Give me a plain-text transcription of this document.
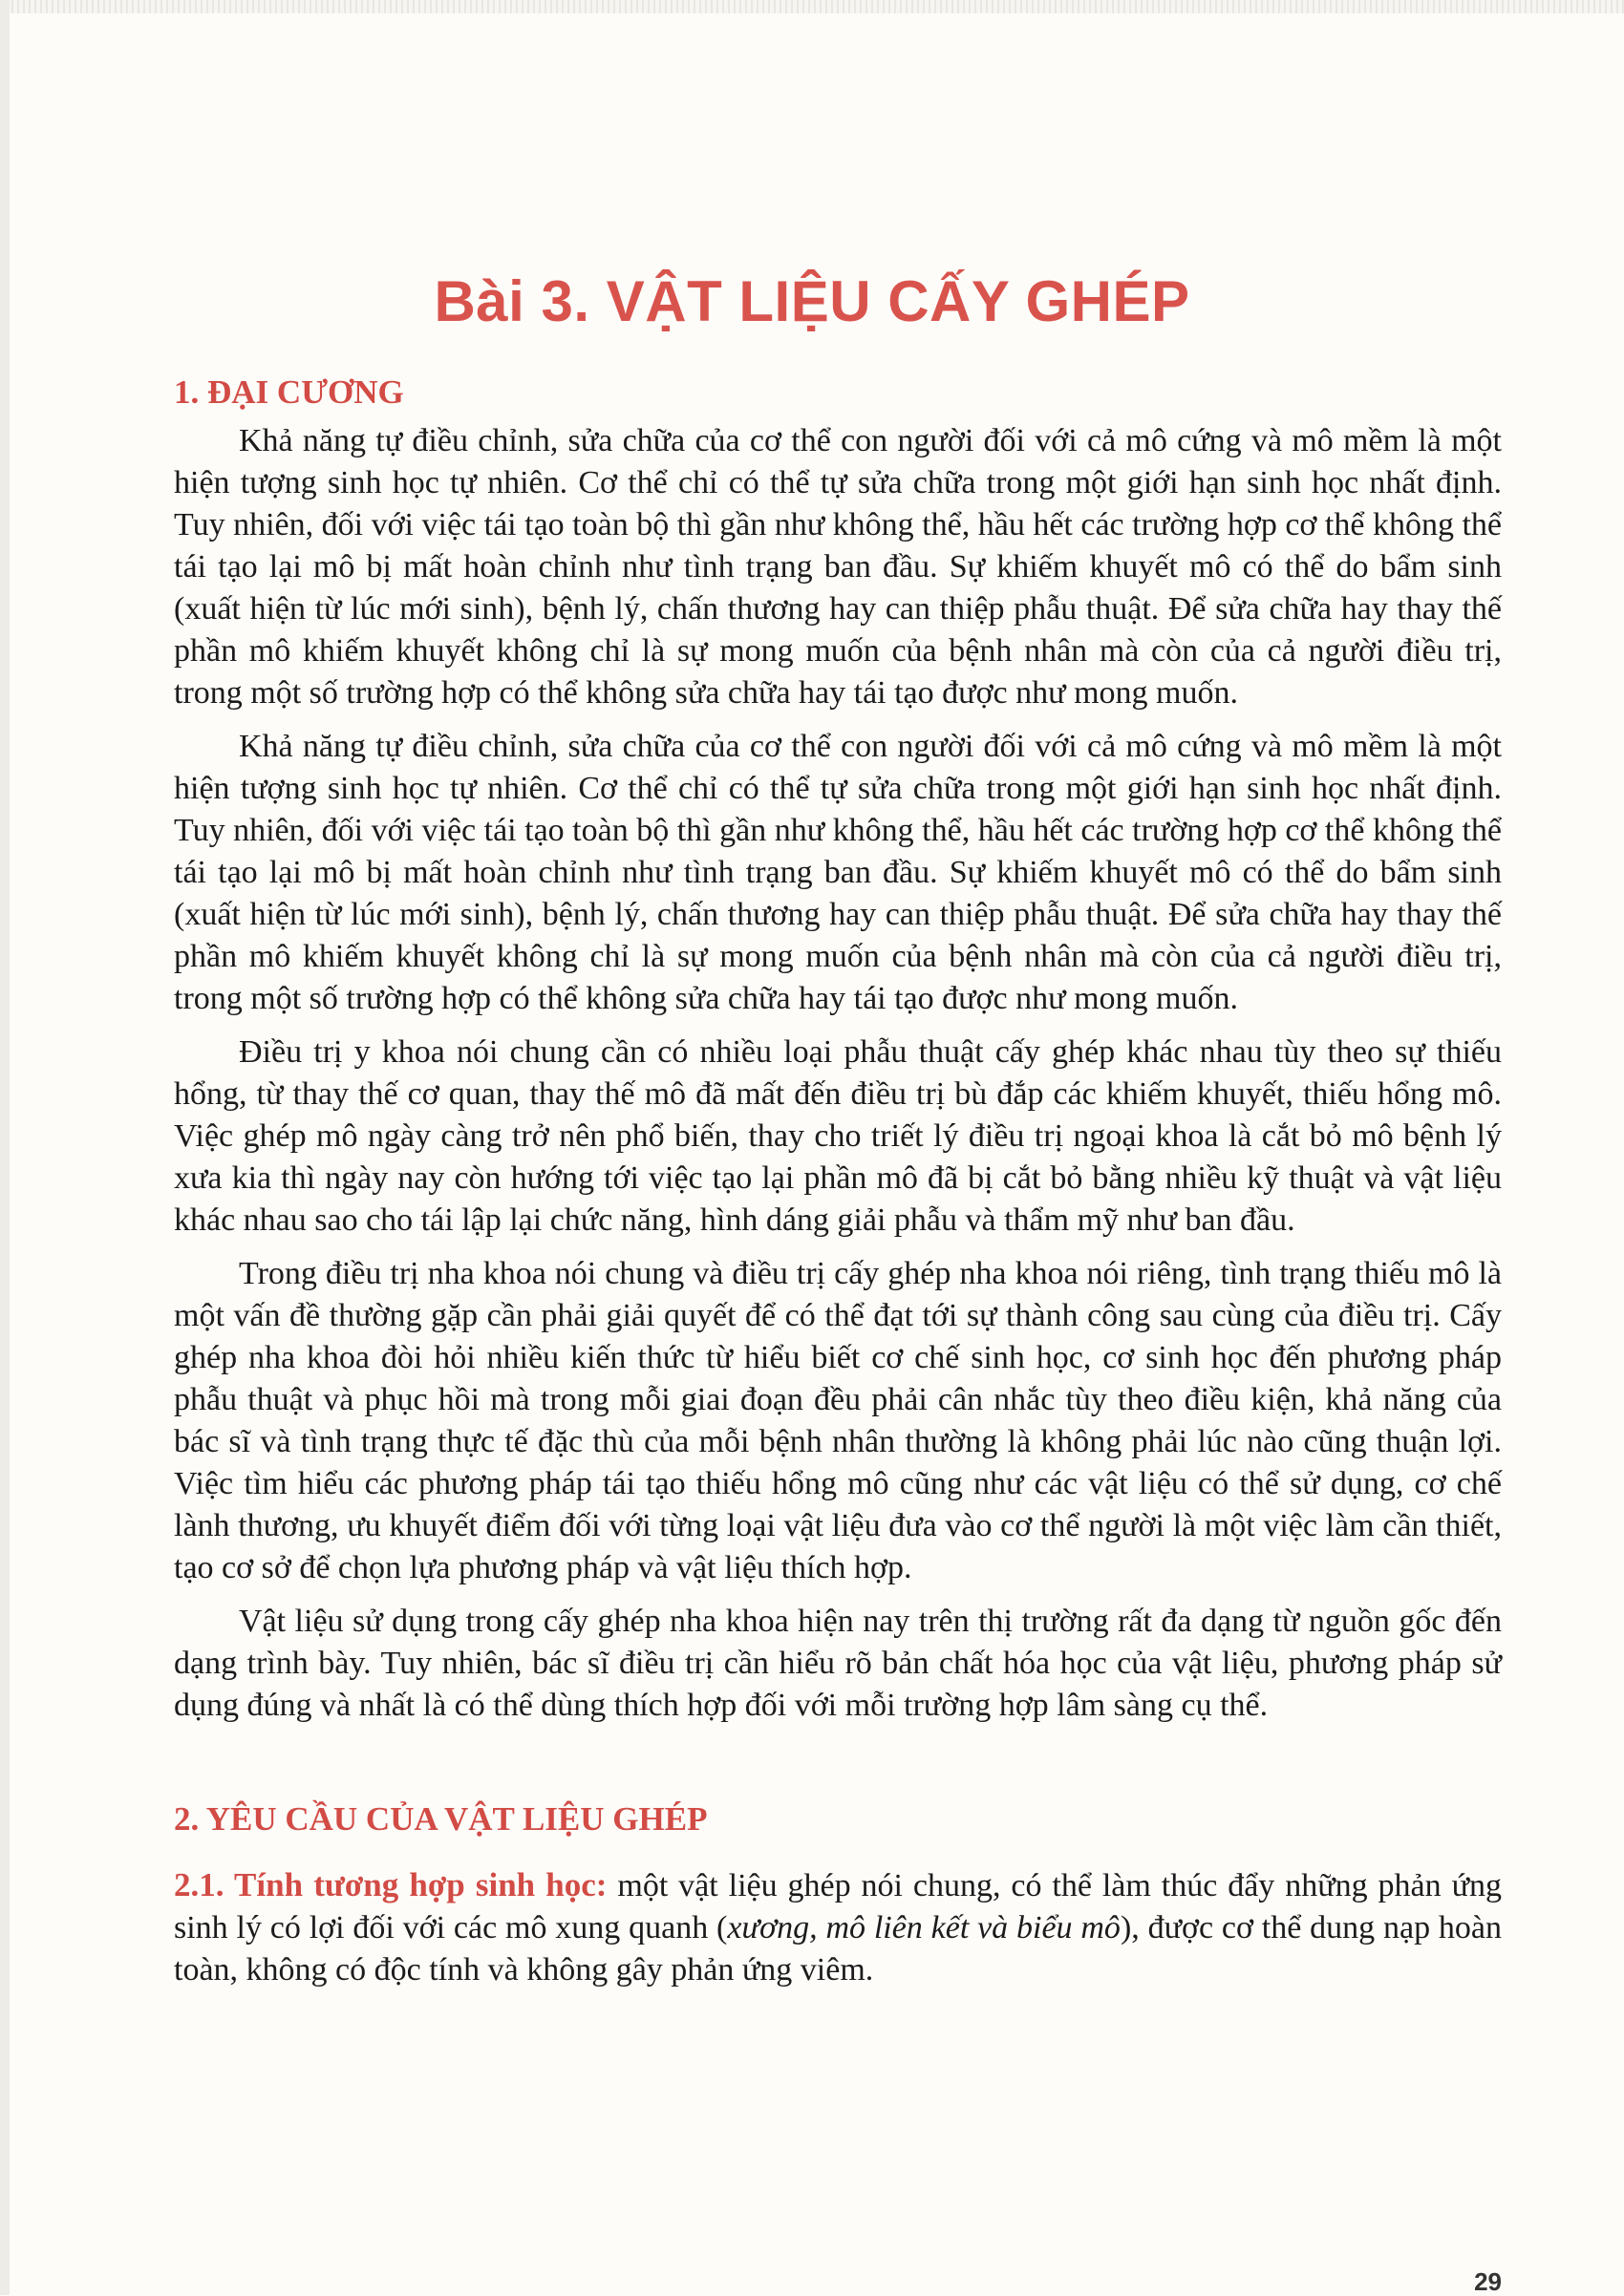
Bài 3. VẬT LIỆU CẤY GHÉP
1. ĐẠI CƯƠNG

Khả năng tự điều chỉnh, sửa chữa của cơ thể con người đối với cả mô cứng và mô mềm là một hiện tượng sinh học tự nhiên. Cơ thể chỉ có thể tự sửa chữa trong một giới hạn sinh học nhất định. Tuy nhiên, đối với việc tái tạo toàn bộ thì gần như không thể, hầu hết các trường hợp cơ thể không thể tái tạo lại mô bị mất hoàn chỉnh như tình trạng ban đầu. Sự khiếm khuyết mô có thể do bẩm sinh (xuất hiện từ lúc mới sinh), bệnh lý, chấn thương hay can thiệp phẫu thuật. Để sửa chữa hay thay thế phần mô khiếm khuyết không chỉ là sự mong muốn của bệnh nhân mà còn của cả người điều trị, trong một số trường hợp có thể không sửa chữa hay tái tạo được như mong muốn.

Khả năng tự điều chỉnh, sửa chữa của cơ thể con người đối với cả mô cứng và mô mềm là một hiện tượng sinh học tự nhiên. Cơ thể chỉ có thể tự sửa chữa trong một giới hạn sinh học nhất định. Tuy nhiên, đối với việc tái tạo toàn bộ thì gần như không thể, hầu hết các trường hợp cơ thể không thể tái tạo lại mô bị mất hoàn chỉnh như tình trạng ban đầu. Sự khiếm khuyết mô có thể do bẩm sinh (xuất hiện từ lúc mới sinh), bệnh lý, chấn thương hay can thiệp phẫu thuật. Để sửa chữa hay thay thế phần mô khiếm khuyết không chỉ là sự mong muốn của bệnh nhân mà còn của cả người điều trị, trong một số trường hợp có thể không sửa chữa hay tái tạo được như mong muốn.

Điều trị y khoa nói chung cần có nhiều loại phẫu thuật cấy ghép khác nhau tùy theo sự thiếu hổng, từ thay thế cơ quan, thay thế mô đã mất đến điều trị bù đắp các khiếm khuyết, thiếu hổng mô. Việc ghép mô ngày càng trở nên phổ biến, thay cho triết lý điều trị ngoại khoa là cắt bỏ mô bệnh lý xưa kia thì ngày nay còn hướng tới việc tạo lại phần mô đã bị cắt bỏ bằng nhiều kỹ thuật và vật liệu khác nhau sao cho tái lập lại chức năng, hình dáng giải phẫu và thẩm mỹ như ban đầu.

Trong điều trị nha khoa nói chung và điều trị cấy ghép nha khoa nói riêng, tình trạng thiếu mô là một vấn đề thường gặp cần phải giải quyết để có thể đạt tới sự thành công sau cùng của điều trị. Cấy ghép nha khoa đòi hỏi nhiều kiến thức từ hiểu biết cơ chế sinh học, cơ sinh học đến phương pháp phẫu thuật và phục hồi mà trong mỗi giai đoạn đều phải cân nhắc tùy theo điều kiện, khả năng của bác sĩ và tình trạng thực tế đặc thù của mỗi bệnh nhân thường là không phải lúc nào cũng thuận lợi. Việc tìm hiểu các phương pháp tái tạo thiếu hổng mô cũng như các vật liệu có thể sử dụng, cơ chế lành thương, ưu khuyết điểm đối với từng loại vật liệu đưa vào cơ thể người là một việc làm cần thiết, tạo cơ sở để chọn lựa phương pháp và vật liệu thích hợp.

Vật liệu sử dụng trong cấy ghép nha khoa hiện nay trên thị trường rất đa dạng từ nguồn gốc đến dạng trình bày. Tuy nhiên, bác sĩ điều trị cần hiểu rõ bản chất hóa học của vật liệu, phương pháp sử dụng đúng và nhất là có thể dùng thích hợp đối với mỗi trường hợp lâm sàng cụ thể.

2. YÊU CẦU CỦA VẬT LIỆU GHÉP

2.1. Tính tương hợp sinh học: một vật liệu ghép nói chung, có thể làm thúc đẩy những phản ứng sinh lý có lợi đối với các mô xung quanh (xương, mô liên kết và biểu mô), được cơ thể dung nạp hoàn toàn, không có độc tính và không gây phản ứng viêm.

29
